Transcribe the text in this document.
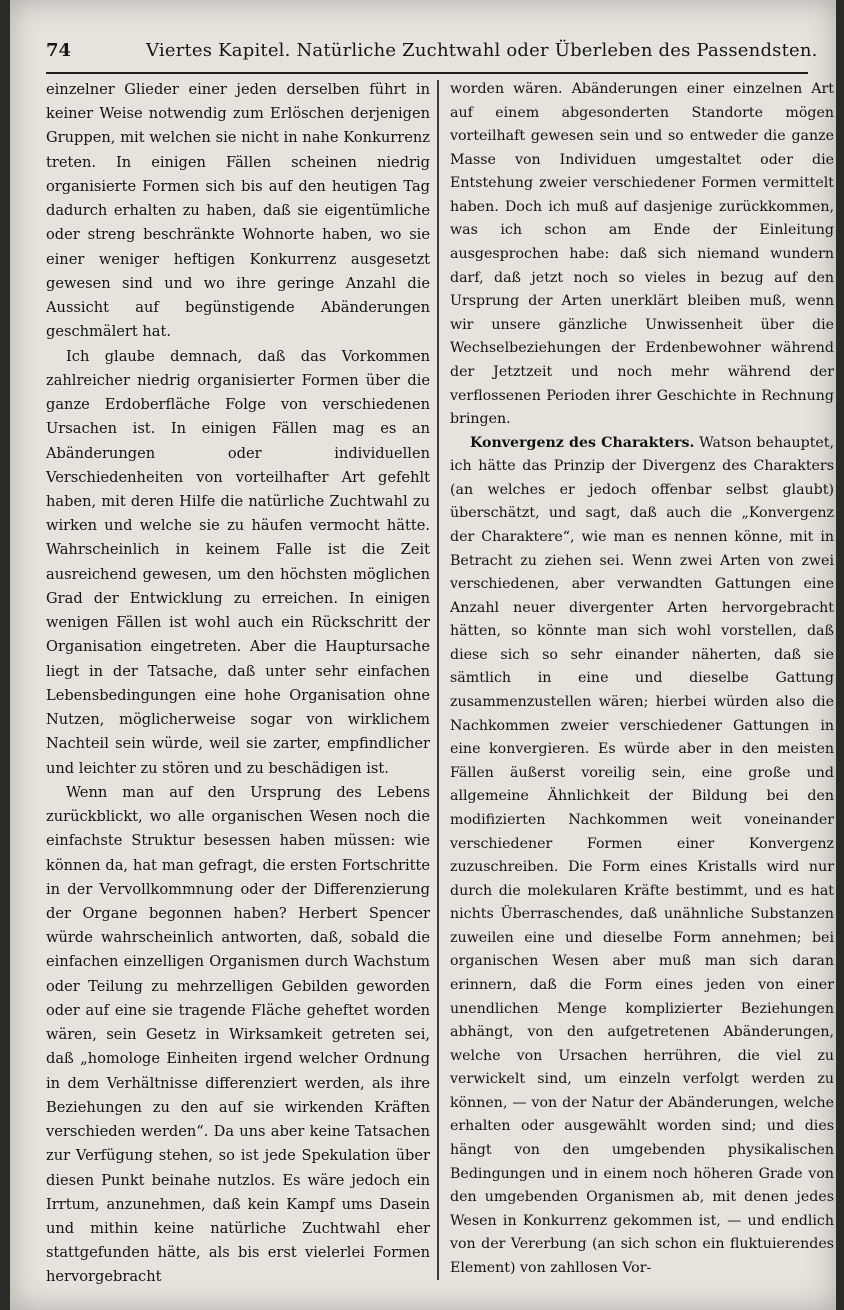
74	Viertes Kapitel. Natürliche Zuchtwahl oder Überleben des Passendsten.

einzelner Glieder einer jeden derselben führt in keiner Weise notwendig zum Erlöschen derjenigen Gruppen, mit welchen sie nicht in nahe Konkurrenz treten. In einigen Fällen scheinen niedrig organisierte Formen sich bis auf den heutigen Tag dadurch erhalten zu haben, daß sie eigentümliche oder streng beschränkte Wohnorte haben, wo sie einer weniger heftigen Konkurrenz ausgesetzt gewesen sind und wo ihre geringe Anzahl die Aussicht auf begünstigende Abänderungen geschmälert hat.

Ich glaube demnach, daß das Vorkommen zahlreicher niedrig organisierter Formen über die ganze Erdoberfläche Folge von verschiedenen Ursachen ist. In einigen Fällen mag es an Abänderungen oder individuellen Verschiedenheiten von vorteilhafter Art gefehlt haben, mit deren Hilfe die natürliche Zuchtwahl zu wirken und welche sie zu häufen vermocht hätte. Wahrscheinlich in keinem Falle ist die Zeit ausreichend gewesen, um den höchsten möglichen Grad der Entwicklung zu erreichen. In einigen wenigen Fällen ist wohl auch ein Rückschritt der Organisation eingetreten. Aber die Hauptursache liegt in der Tatsache, daß unter sehr einfachen Lebensbedingungen eine hohe Organisation ohne Nutzen, möglicherweise sogar von wirklichem Nachteil sein würde, weil sie zarter, empfindlicher und leichter zu stören und zu beschädigen ist.

Wenn man auf den Ursprung des Lebens zurückblickt, wo alle organischen Wesen noch die einfachste Struktur besessen haben müssen: wie können da, hat man gefragt, die ersten Fortschritte in der Vervollkommnung oder der Differenzierung der Organe begonnen haben? Herbert Spencer würde wahrscheinlich antworten, daß, sobald die einfachen einzelligen Organismen durch Wachstum oder Teilung zu mehrzelligen Gebilden geworden oder auf eine sie tragende Fläche geheftet worden wären, sein Gesetz in Wirksamkeit getreten sei, daß „homologe Einheiten irgend welcher Ordnung in dem Verhältnisse differenziert werden, als ihre Beziehungen zu den auf sie wirkenden Kräften verschieden werden“. Da uns aber keine Tatsachen zur Verfügung stehen, so ist jede Spekulation über diesen Punkt beinahe nutzlos. Es wäre jedoch ein Irrtum, anzunehmen, daß kein Kampf ums Dasein und mithin keine natürliche Zuchtwahl eher stattgefunden hätte, als bis erst vielerlei Formen hervorgebracht

worden wären. Abänderungen einer einzelnen Art auf einem abgesonderten Standorte mögen vorteilhaft gewesen sein und so entweder die ganze Masse von Individuen umgestaltet oder die Entstehung zweier verschiedener Formen vermittelt haben. Doch ich muß auf dasjenige zurückkommen, was ich schon am Ende der Einleitung ausgesprochen habe: daß sich niemand wundern darf, daß jetzt noch so vieles in bezug auf den Ursprung der Arten unerklärt bleiben muß, wenn wir unsere gänzliche Unwissenheit über die Wechselbeziehungen der Erdenbewohner während der Jetztzeit und noch mehr während der verflossenen Perioden ihrer Geschichte in Rechnung bringen.

Konvergenz des Charakters. Watson behauptet, ich hätte das Prinzip der Divergenz des Charakters (an welches er jedoch offenbar selbst glaubt) überschätzt, und sagt, daß auch die „Konvergenz der Charaktere“, wie man es nennen könne, mit in Betracht zu ziehen sei. Wenn zwei Arten von zwei verschiedenen, aber verwandten Gattungen eine Anzahl neuer divergenter Arten hervorgebracht hätten, so könnte man sich wohl vorstellen, daß diese sich so sehr einander näherten, daß sie sämtlich in eine und dieselbe Gattung zusammenzustellen wären; hierbei würden also die Nachkommen zweier verschiedener Gattungen in eine konvergieren. Es würde aber in den meisten Fällen äußerst voreilig sein, eine große und allgemeine Ähnlichkeit der Bildung bei den modifizierten Nachkommen weit voneinander verschiedener Formen einer Konvergenz zuzuschreiben. Die Form eines Kristalls wird nur durch die molekularen Kräfte bestimmt, und es hat nichts Überraschendes, daß unähnliche Substanzen zuweilen eine und dieselbe Form annehmen; bei organischen Wesen aber muß man sich daran erinnern, daß die Form eines jeden von einer unendlichen Menge komplizierter Beziehungen abhängt, von den aufgetretenen Abänderungen, welche von Ursachen herrühren, die viel zu verwickelt sind, um einzeln verfolgt werden zu können, — von der Natur der Abänderungen, welche erhalten oder ausgewählt worden sind; und dies hängt von den umgebenden physikalischen Bedingungen und in einem noch höheren Grade von den umgebenden Organismen ab, mit denen jedes Wesen in Konkurrenz gekommen ist, — und endlich von der Vererbung (an sich schon ein fluktuierendes Element) von zahllosen Vor-
